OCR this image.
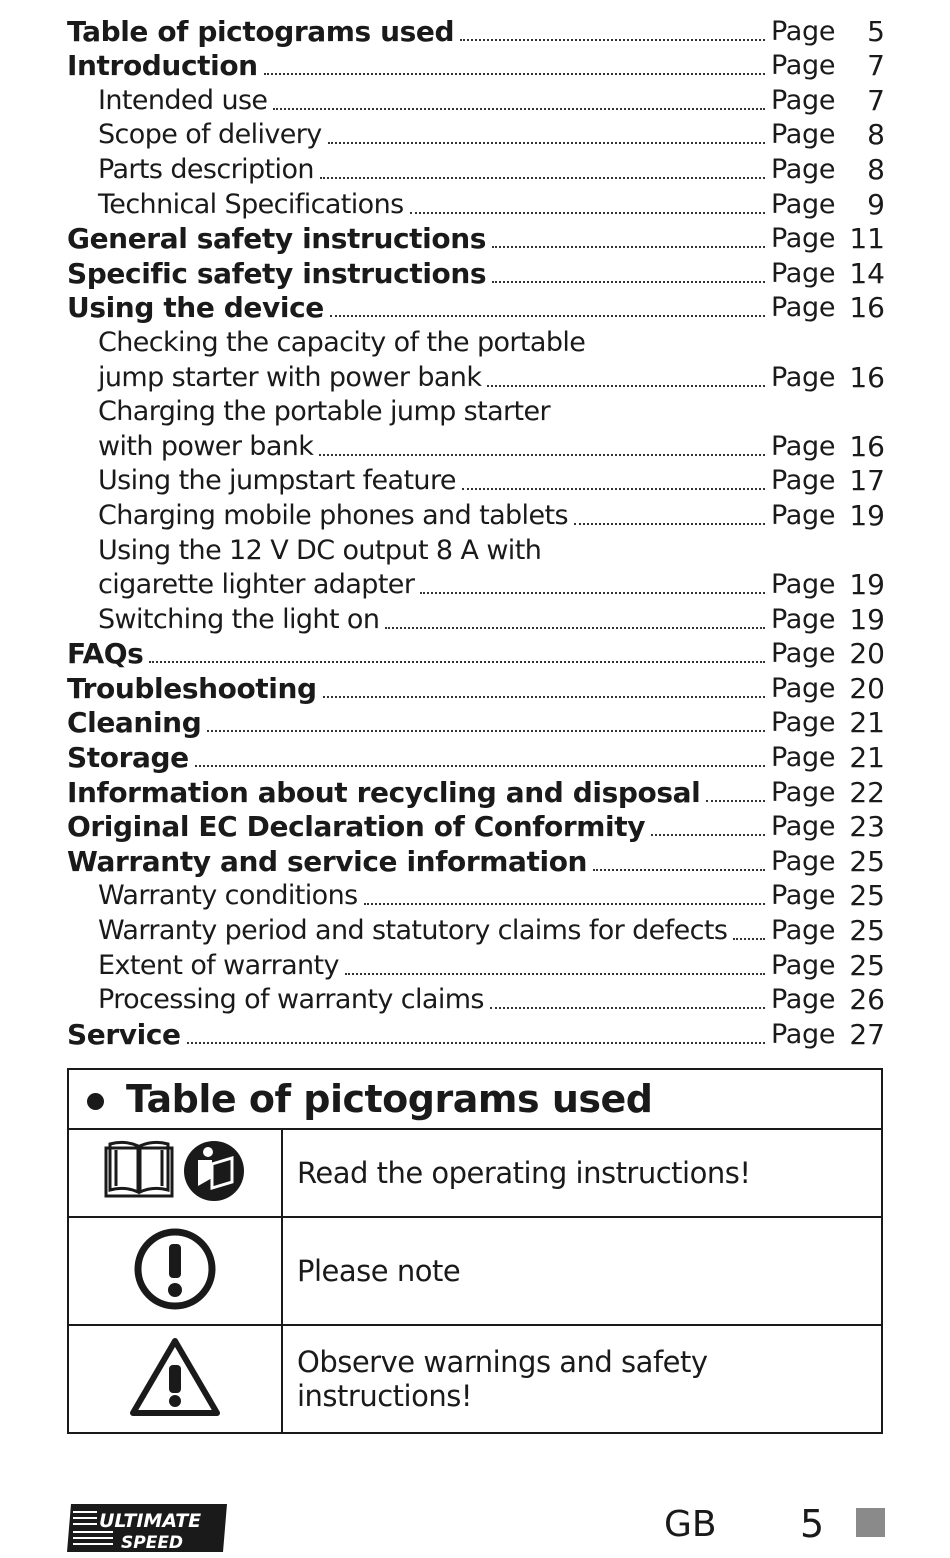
Table of pictograms used	Page	5
Introduction	Page	7
Intended use	Page	7
Scope of delivery	Page	8
Parts description	Page	8
Technical Specifications	Page	9
General safety instructions	Page 11
Specific safety instructions	Page 14
Using the device	Page 16
Checking the capacity of the portable
jump starter with power bank	Page 16
Charging the portable jump starter
with power bank	Page 16
Using the jumpstart feature	Page 17
Charging mobile phones and tablets	Page 19
Using the 12 V DC output 8 A with
cigarette lighter adapter	Page 19
Switching the light on	Page 19
FAQs	Page 20
Troubleshooting	Page 20
Cleaning	Page 21
Storage	Page 21
Information about recycling and disposal	Page 22
Original EC Declaration of Conformity	Page 23
Warranty and service information	Page 25
Warranty conditions	Page 25
Warranty period and statutory claims for defects Page 25
Extent of warranty	Page 25
Processing of warranty claims	Page 26
Service	Page 27
Table of pictograms used	
	Read the operating instructions!
	Please note
	Observe warnings and safety instructions!
ULTIMATE
SPEED	GB 5
